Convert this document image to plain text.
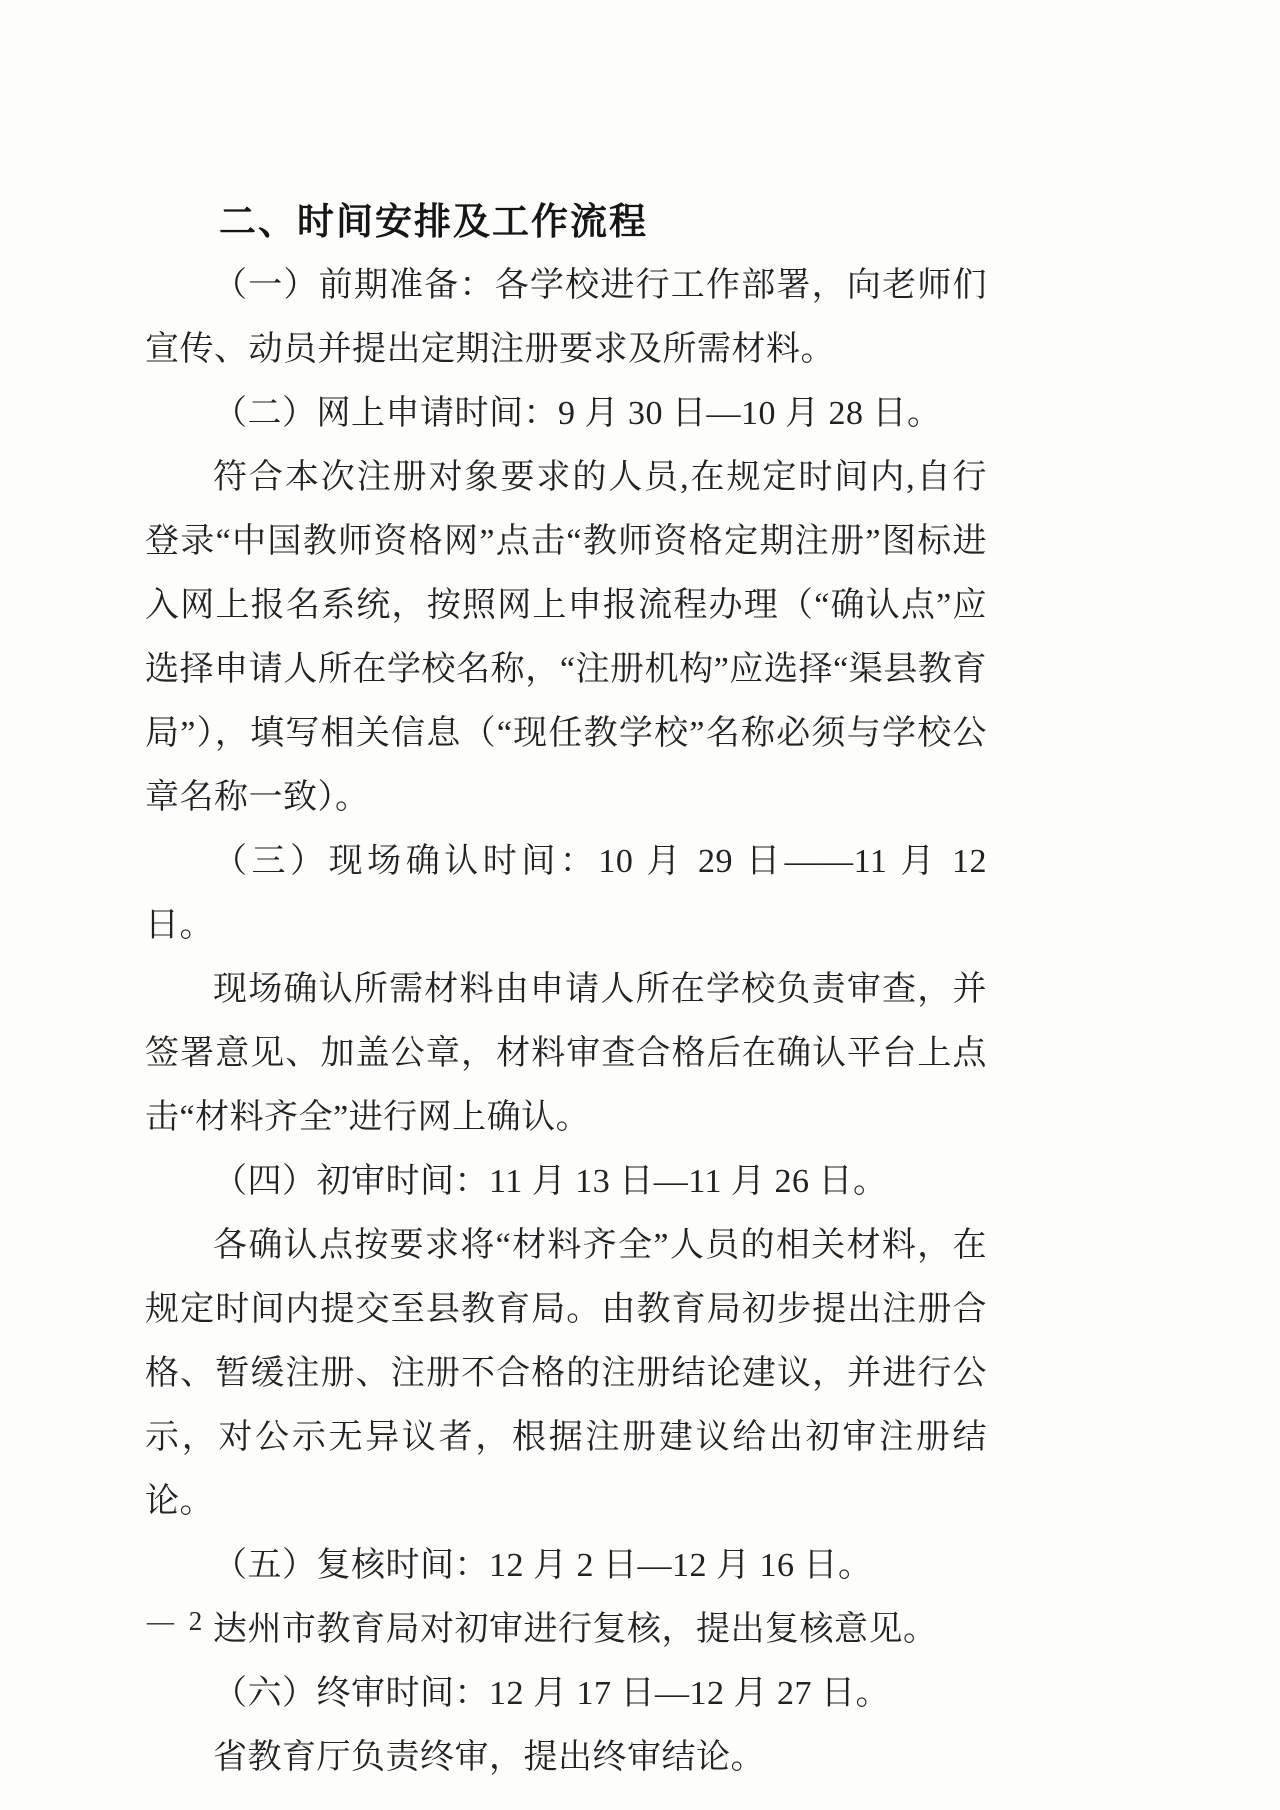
二、时间安排及工作流程

（一）前期准备：各学校进行工作部署，向老师们宣传、动员并提出定期注册要求及所需材料。

（二）网上申请时间：9 月 30 日—10 月 28 日。

符合本次注册对象要求的人员,在规定时间内,自行登录“中国教师资格网”点击“教师资格定期注册”图标进入网上报名系统，按照网上申报流程办理（“确认点”应选择申请人所在学校名称，“注册机构”应选择“渠县教育局”），填写相关信息（“现任教学校”名称必须与学校公章名称一致）。

（三）现场确认时间：10 月 29 日——11 月 12 日。

现场确认所需材料由申请人所在学校负责审查，并签署意见、加盖公章，材料审查合格后在确认平台上点击“材料齐全”进行网上确认。

（四）初审时间：11 月 13 日—11 月 26 日。

各确认点按要求将“材料齐全”人员的相关材料，在规定时间内提交至县教育局。由教育局初步提出注册合格、暂缓注册、注册不合格的注册结论建议，并进行公示，对公示无异议者，根据注册建议给出初审注册结论。

（五）复核时间：12 月 2 日—12 月 16 日。

达州市教育局对初审进行复核，提出复核意见。

（六）终审时间：12 月 17 日—12 月 27 日。

省教育厅负责终审，提出终审结论。

— 2 —
